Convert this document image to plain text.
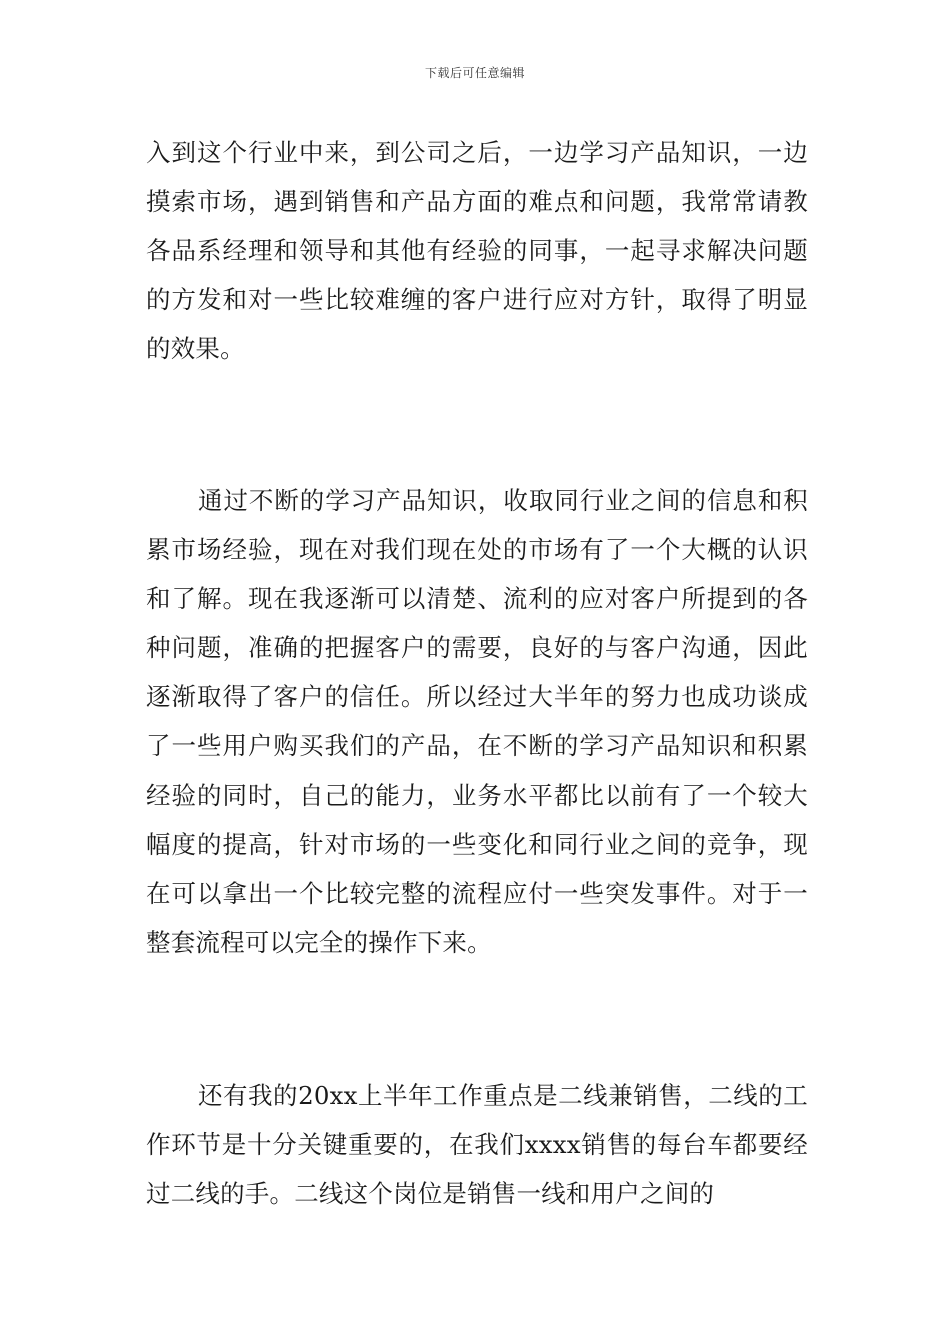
下载后可任意编辑
入到这个行业中来，到公司之后，一边学习产品知识，一边摸索市场，遇到销售和产品方面的难点和问题，我常常请教各品系经理和领导和其他有经验的同事，一起寻求解决问题的方发和对一些比较难缠的客户进行应对方针，取得了明显的效果。
通过不断的学习产品知识，收取同行业之间的信息和积累市场经验，现在对我们现在处的市场有了一个大概的认识和了解。现在我逐渐可以清楚、流利的应对客户所提到的各种问题，准确的把握客户的需要，良好的与客户沟通，因此逐渐取得了客户的信任。所以经过大半年的努力也成功谈成了一些用户购买我们的产品，在不断的学习产品知识和积累经验的同时，自己的能力，业务水平都比以前有了一个较大幅度的提高，针对市场的一些变化和同行业之间的竞争，现在可以拿出一个比较完整的流程应付一些突发事件。对于一整套流程可以完全的操作下来。
还有我的20xx上半年工作重点是二线兼销售，二线的工作环节是十分关键重要的，在我们xxxx销售的每台车都要经过二线的手。二线这个岗位是销售一线和用户之间的
